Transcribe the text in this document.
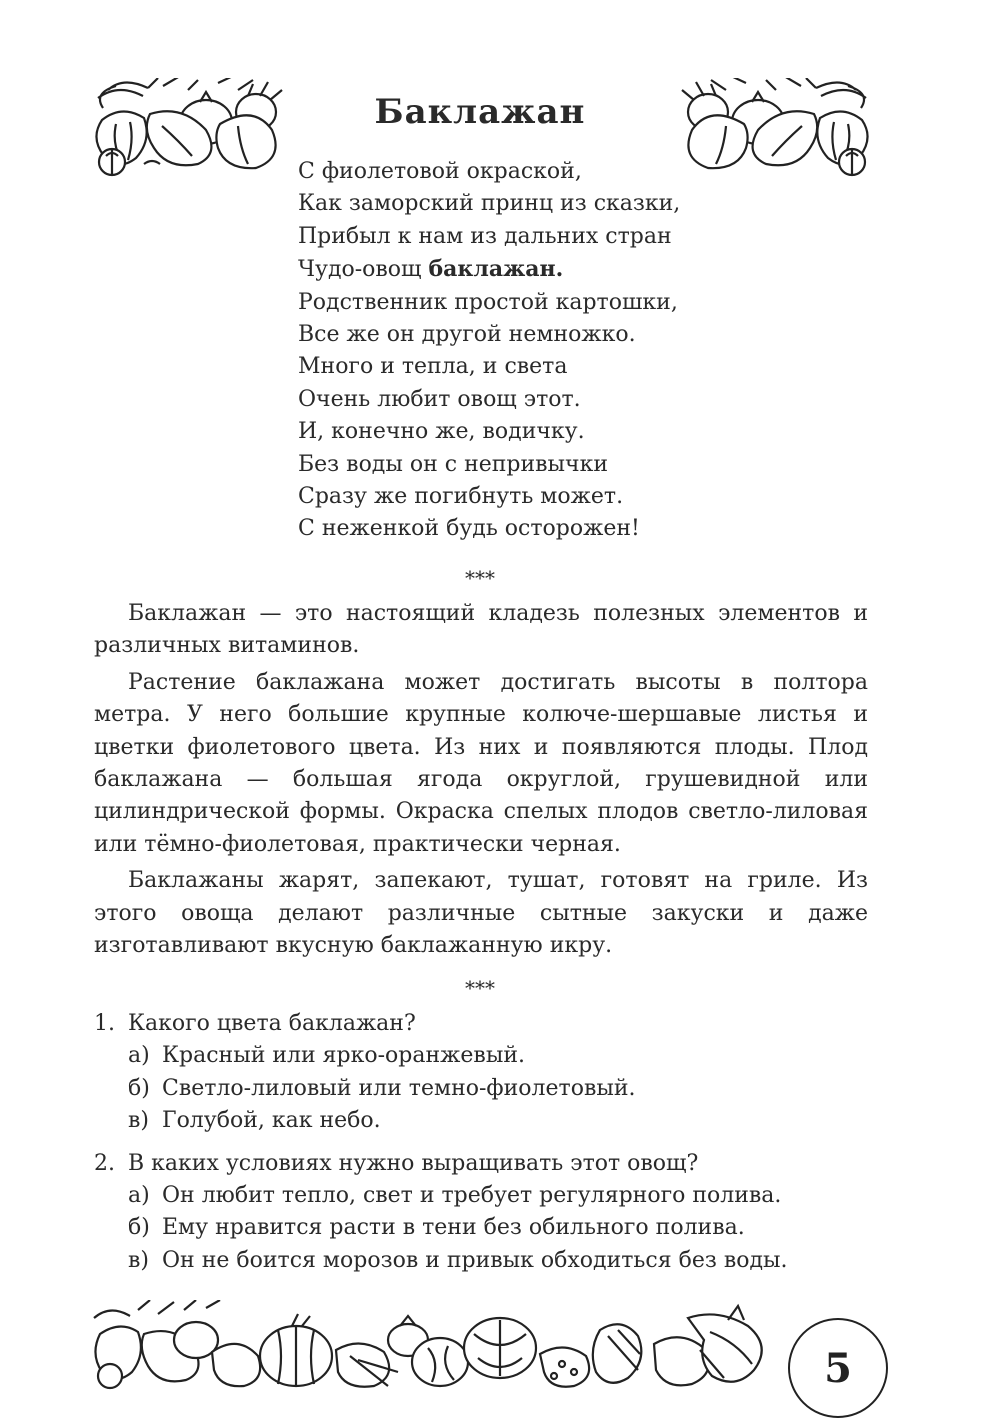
Баклажан
С фиолетовой окраской,
Как заморский принц из сказки,
Прибыл к нам из дальних стран
Чудо-овощ баклажан.
Родственник простой картошки,
Все же он другой немножко.
Много и тепла, и света
Очень любит овощ этот.
И, конечно же, водичку.
Без воды он с непривычки
Сразу же погибнуть может.
С неженкой будь осторожен!
***

Баклажан — это настоящий кладезь полезных элементов и различных витаминов.

Растение баклажана может достигать высоты в полтора метра. У него большие крупные колюче-шершавые листья и цветки фиолетового цвета. Из них и появляются плоды. Плод баклажана — большая ягода округлой, грушевидной или цилиндрической формы. Окраска спелых плодов светло-лиловая или тёмно-фиолетовая, практически черная.

Баклажаны жарят, запекают, тушат, готовят на гриле. Из этого овоща делают различные сытные закуски и даже изготавливают вкусную баклажанную икру.

***
1. Какого цвета баклажан?
а) Красный или ярко-оранжевый.
б) Светло-лиловый или темно-фиолетовый.
в) Голубой, как небо.
2. В каких условиях нужно выращивать этот овощ?
а) Он любит тепло, свет и требует регулярного полива.
б) Ему нравится расти в тени без обильного полива.
в) Он не боится морозов и привык обходиться без воды.
5
